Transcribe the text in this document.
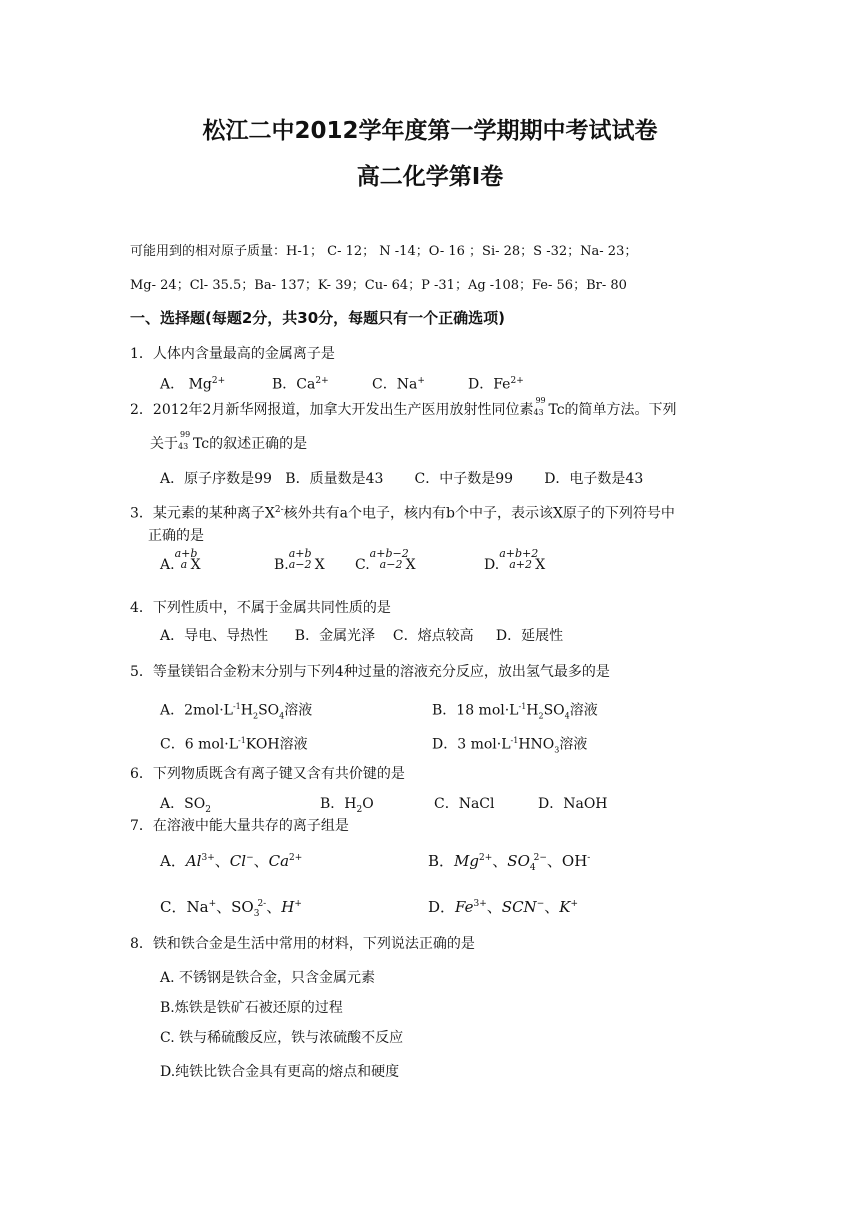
松江二中2012学年度第一学期期中考试试卷
高二化学第Ⅰ卷
可能用到的相对原子质量：H-1； C- 12； N -14；O- 16 ；Si- 28；S -32；Na- 23；
Mg- 24；Cl- 35.5；Ba- 137；K- 39；Cu- 64；P -31；Ag -108；Fe- 56；Br- 80
一、选择题(每题2分，共30分，每题只有一个正确选项)
1．人体内含量最高的金属离子是
A． $Mg^{2+}$	B．$Ca^{2+}$	C．Na+	D．$Fe^{2+}$
2．2012年2月新华网报道，加拿大开发出生产医用放射性同位素
99
43 Tc的简单方法。下列
关于
99
43 Tc的叙述正确的是
A．原子序数是99   B．质量数是43       C．中子数是99       D．电子数是43
3．某元素的某种离子$X^{2-}$核外共有a个电子，核内有b个中子，表示该X原子的下列符号中
正确的是
A.
a+b
a X	B.
a+b
a−2 X C.
a+b−2
a−2 X	D.
a+b+2
a+2 X
4．下列性质中，不属于金属共同性质的是
A．导电、导热性      B．金属光泽    C．熔点较高     D．延展性
5．等量镁铝合金粉末分别与下列4种过量的溶液充分反应，放出氢气最多的是
A．$2mol\cdot L^{-1}H_2SO_4$溶液	B．18 $mol\cdot L^{-1}H_2SO_4$溶液
C．6 $mol\cdot L^{-1}KOH$溶液	D．3 $mol\cdot L^{-1}HNO_3$溶液
6．下列物质既含有离子键又含有共价键的是
A．$SO_2$	B．$H_2O$	C．NaCl	D．NaOH
7．在溶液中能大量共存的离子组是
A．$Al^{3+}$、Cl−、$Ca^{2+}$	B．$Mg^{2+}$、$SO_4^{2-}$、OH-
C．Na+、$SO_3^{2-}$、H+	D．$Fe^{3+}$、SCN−、K+
8．铁和铁合金是生活中常用的材料，下列说法正确的是
A. 不锈钢是铁合金，只含金属元素
B.炼铁是铁矿石被还原的过程
C. 铁与稀硫酸反应，铁与浓硫酸不反应
D.纯铁比铁合金具有更高的熔点和硬度
